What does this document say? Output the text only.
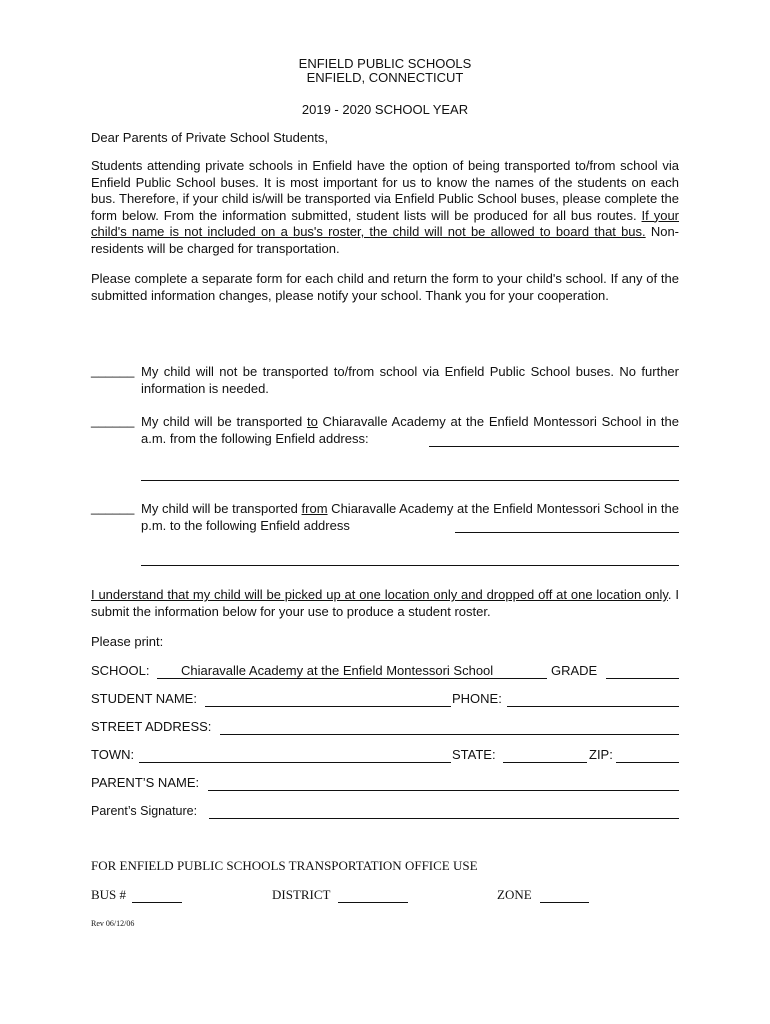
ENFIELD PUBLIC SCHOOLS
ENFIELD, CONNECTICUT
2019 - 2020 SCHOOL YEAR
Dear Parents of Private School Students,
Students attending private schools in Enfield have the option of being transported to/from school via Enfield Public School buses. It is most important for us to know the names of the students on each bus. Therefore, if your child is/will be transported via Enfield Public School buses, please complete the form below. From the information submitted, student lists will be produced for all bus routes. If your child's name is not included on a bus's roster, the child will not be allowed to board that bus. Non-residents will be charged for transportation.
Please complete a separate form for each child and return the form to your child's school. If any of the submitted information changes, please notify your school. Thank you for your cooperation.
______ My child will not be transported to/from school via Enfield Public School buses. No further information is needed.
______ My child will be transported to Chiaravalle Academy at the Enfield Montessori School in the a.m. from the following Enfield address:
______ My child will be transported from Chiaravalle Academy at the Enfield Montessori School in the p.m. to the following Enfield address
I understand that my child will be picked up at one location only and dropped off at one location only. I submit the information below for your use to produce a student roster.
Please print:
SCHOOL: Chiaravalle Academy at the Enfield Montessori School	GRADE
STUDENT NAME:	PHONE:
STREET ADDRESS:
TOWN:	STATE:	ZIP:
PARENT’S NAME:
Parent’s Signature:
FOR ENFIELD PUBLIC SCHOOLS TRANSPORTATION OFFICE USE
BUS #	DISTRICT	ZONE
Rev 06/12/06
